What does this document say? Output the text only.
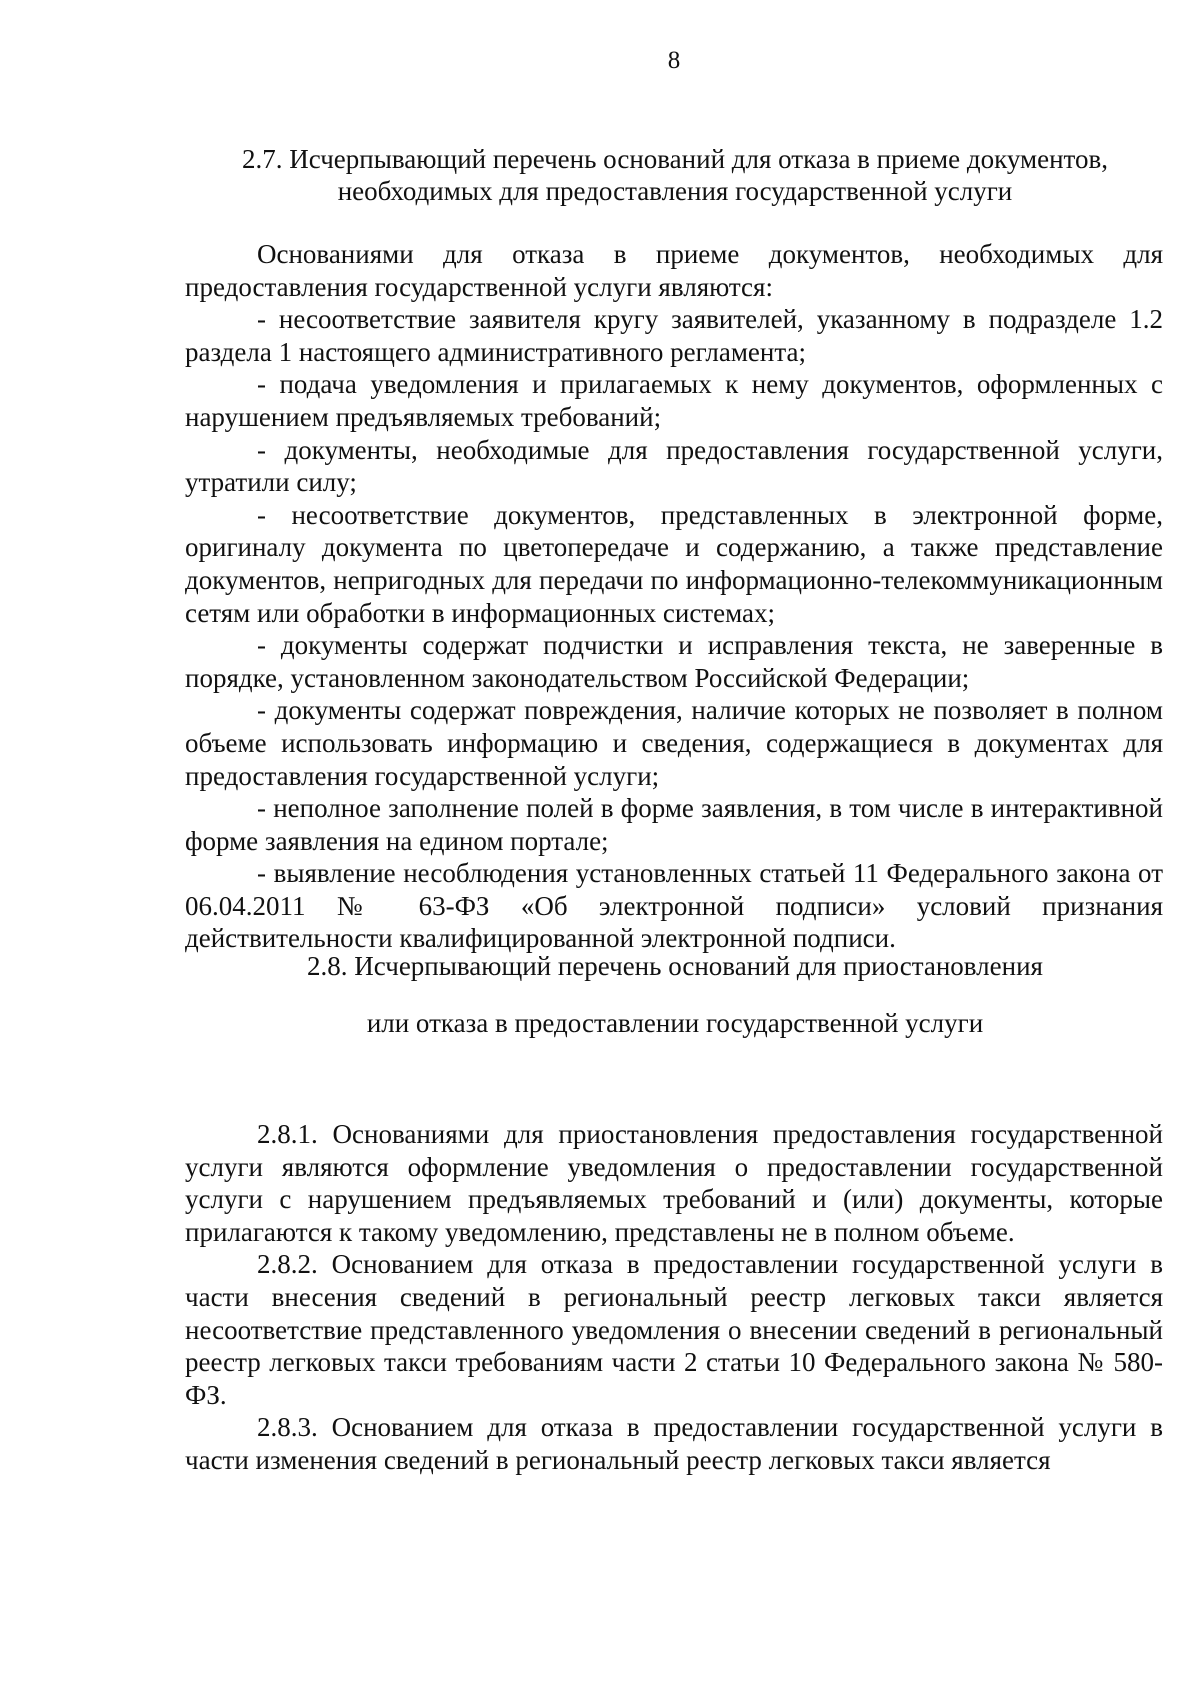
8
2.7. Исчерпывающий перечень оснований для отказа в приеме документов,
необходимых для предоставления государственной услуги

Основаниями для отказа в приеме документов, необходимых для предоставления государственной услуги являются:

- несоответствие заявителя кругу заявителей, указанному в подразделе 1.2 раздела 1 настоящего административного регламента;

- подача уведомления и прилагаемых к нему документов, оформленных с нарушением предъявляемых требований;

- документы, необходимые для предоставления государственной услуги, утратили силу;

- несоответствие документов, представленных в электронной форме, оригиналу документа по цветопередаче и содержанию, а также представление документов, непригодных для передачи по информационно-телекоммуникационным сетям или обработки в информационных системах;

- документы содержат подчистки и исправления текста, не заверенные в порядке, установленном законодательством Российской Федерации;

- документы содержат повреждения, наличие которых не позволяет в полном объеме использовать информацию и сведения, содержащиеся в документах для предоставления государственной услуги;

- неполное заполнение полей в форме заявления, в том числе в интерактивной форме заявления на едином портале;

- выявление несоблюдения установленных статьей 11 Федерального закона от 06.04.2011 № 63-ФЗ «Об электронной подписи» условий признания действительности квалифицированной электронной подписи.

2.8. Исчерпывающий перечень оснований для приостановления
или отказа в предоставлении государственной услуги

2.8.1. Основаниями для приостановления предоставления государственной услуги являются оформление уведомления о предоставлении государственной услуги с нарушением предъявляемых требований и (или) документы, которые прилагаются к такому уведомлению, представлены не в полном объеме.

2.8.2. Основанием для отказа в предоставлении государственной услуги в части внесения сведений в региональный реестр легковых такси является несоответствие представленного уведомления о внесении сведений в региональный реестр легковых такси требованиям части 2 статьи 10 Федерального закона № 580-ФЗ.

2.8.3. Основанием для отказа в предоставлении государственной услуги в части изменения сведений в региональный реестр легковых такси является
